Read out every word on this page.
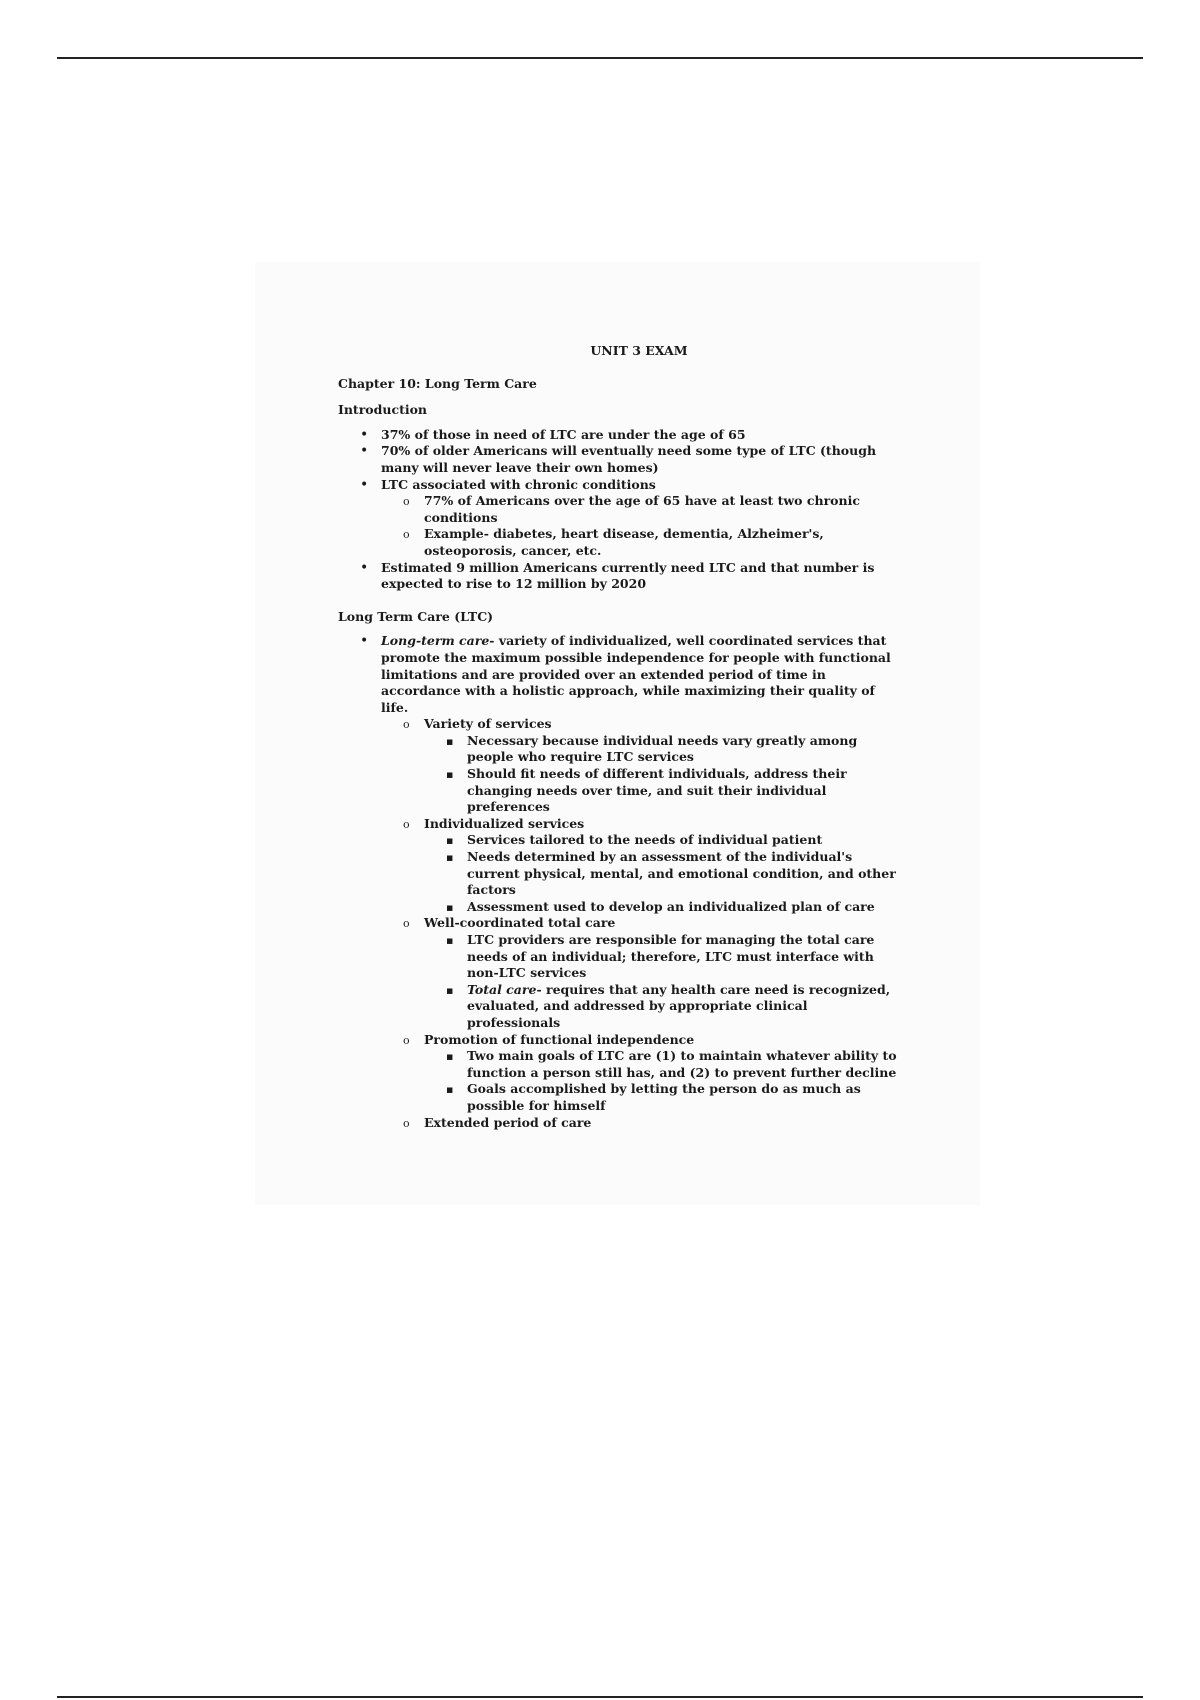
UNIT 3 EXAM
Chapter 10: Long Term Care
Introduction
•
37% of those in need of LTC are under the age of 65
•
70% of older Americans will eventually need some type of LTC (though many will never leave their own homes)
•
LTC associated with chronic conditions
o
77% of Americans over the age of 65 have at least two chronic conditions
o
Example- diabetes, heart disease, dementia, Alzheimer's, osteoporosis, cancer, etc.
•
Estimated 9 million Americans currently need LTC and that number is expected to rise to 12 million by 2020
Long Term Care (LTC)
•
Long-term care- variety of individualized, well coordinated services that promote the maximum possible independence for people with functional limitations and are provided over an extended period of time in accordance with a holistic approach, while maximizing their quality of life.
o
Variety of services
▪
Necessary because individual needs vary greatly among people who require LTC services
▪
Should fit needs of different individuals, address their changing needs over time, and suit their individual preferences
o
Individualized services
▪
Services tailored to the needs of individual patient
▪
Needs determined by an assessment of the individual's current physical, mental, and emotional condition, and other factors
▪
Assessment used to develop an individualized plan of care
o
Well-coordinated total care
▪
LTC providers are responsible for managing the total care needs of an individual; therefore, LTC must interface with non-LTC services
▪
Total care- requires that any health care need is recognized, evaluated, and addressed by appropriate clinical professionals
o
Promotion of functional independence
▪
Two main goals of LTC are (1) to maintain whatever ability to function a person still has, and (2) to prevent further decline
▪
Goals accomplished by letting the person do as much as possible for himself
o
Extended period of care
